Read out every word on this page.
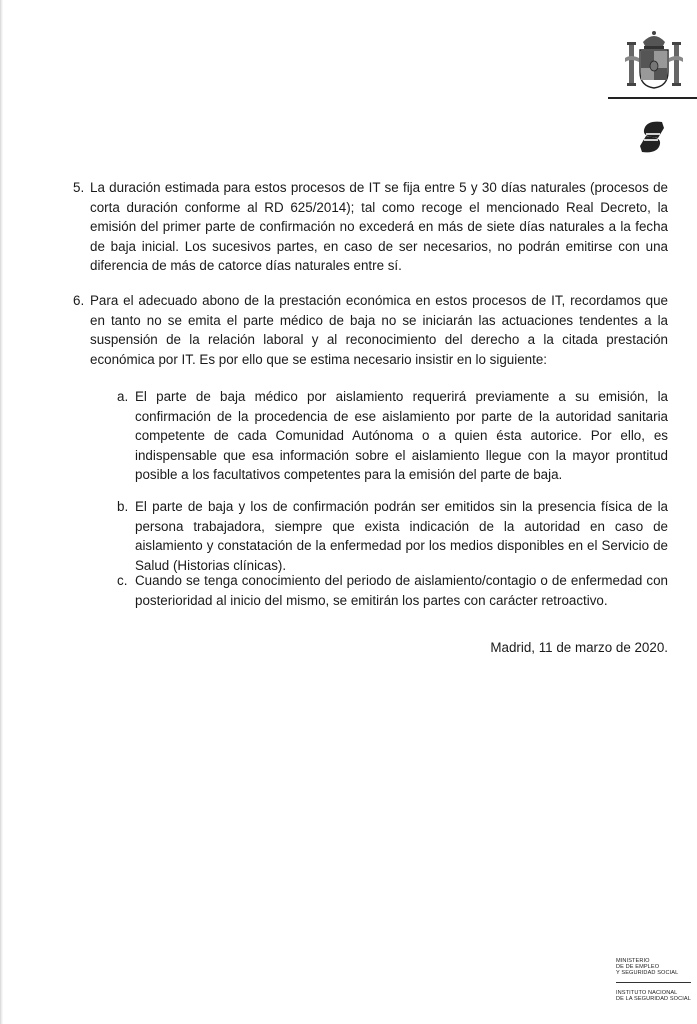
5. La duración estimada para estos procesos de IT se fija entre 5 y 30 días naturales (procesos de corta duración conforme al RD 625/2014); tal como recoge el mencionado Real Decreto, la emisión del primer parte de confirmación no excederá en más de siete días naturales a la fecha de baja inicial. Los sucesivos partes, en caso de ser necesarios, no podrán emitirse con una diferencia de más de catorce días naturales entre sí.
6. Para el adecuado abono de la prestación económica en estos procesos de IT, recordamos que en tanto no se emita el parte médico de baja no se iniciarán las actuaciones tendentes a la suspensión de la relación laboral y al reconocimiento del derecho a la citada prestación económica por IT. Es por ello que se estima necesario insistir en lo siguiente:
a. El parte de baja médico por aislamiento requerirá previamente a su emisión, la confirmación de la procedencia de ese aislamiento por parte de la autoridad sanitaria competente de cada Comunidad Autónoma o a quien ésta autorice. Por ello, es indispensable que esa información sobre el aislamiento llegue con la mayor prontitud posible a los facultativos competentes para la emisión del parte de baja.
b. El parte de baja y los de confirmación podrán ser emitidos sin la presencia física de la persona trabajadora, siempre que exista indicación de la autoridad en caso de aislamiento y constatación de la enfermedad por los medios disponibles en el Servicio de Salud (Historias clínicas).
c. Cuando se tenga conocimiento del periodo de aislamiento/contagio o de enfermedad con posterioridad al inicio del mismo, se emitirán los partes con carácter retroactivo.
Madrid, 11 de marzo de 2020.
MINISTERIO
DE DE EMPLEO
Y SEGURIDAD SOCIAL
INSTITUTO NACIONAL
DE LA SEGURIDAD SOCIAL
